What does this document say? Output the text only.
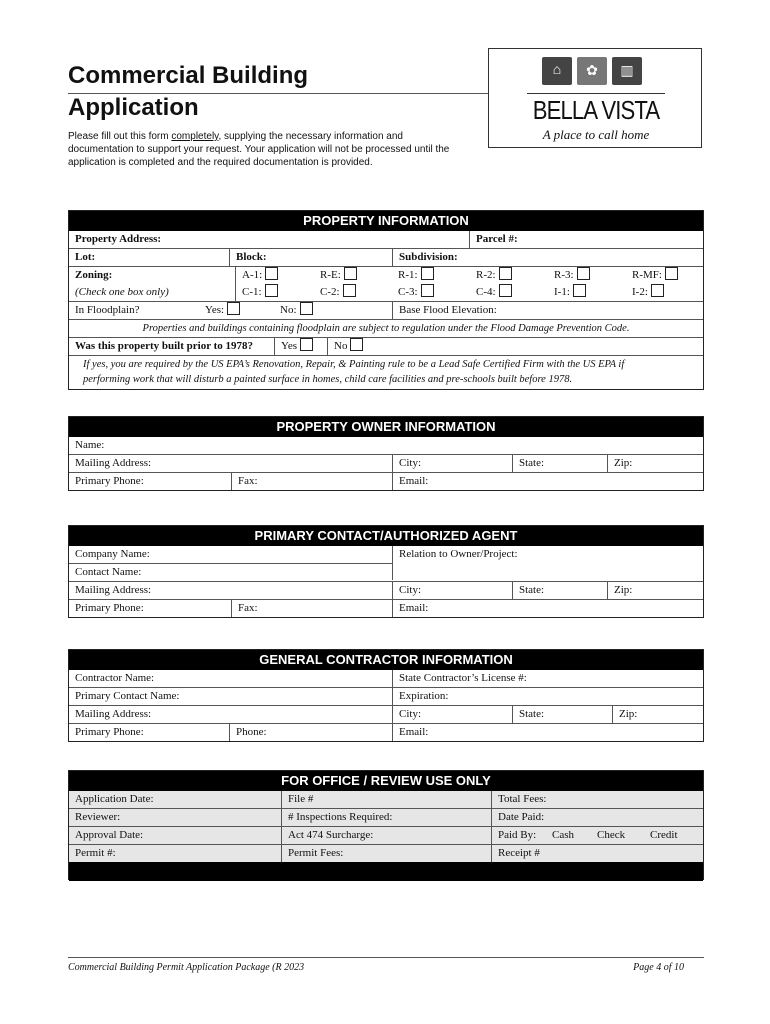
Commercial Building
Application
Please fill out this form completely, supplying the necessary information and documentation to support your request. Your application will not be processed until the application is completed and the required documentation is provided.
⌂	✿	▥
BELLA VISTA
A place to call home
PROPERTY INFORMATION
Property Address:	Parcel #:
Lot:	Block:	Subdivision:
Zoning:
(Check one box only)
A-1:	R-E:	R-1:	R-2:	R-3:	R-MF:
C-1:	C-2:	C-3:	C-4:	I-1:	I-2:
In Floodplain?	Yes:	No:	Base Flood Elevation:
Properties and buildings containing floodplain are subject to regulation under the Flood Damage Prevention Code.
Was this property built prior to 1978?	Yes	No
If yes, you are required by the US EPA’s Renovation, Repair, & Painting rule to be a Lead Safe Certified Firm with the US EPA if
performing work that will disturb a painted surface in homes, child care facilities and pre-schools built before 1978.
PROPERTY OWNER INFORMATION
Name:
Mailing Address:	City:	State:	Zip:
Primary Phone:	Fax:	Email:
PRIMARY CONTACT/AUTHORIZED AGENT
Company Name:	Relation to Owner/Project:
Contact Name:
Mailing Address:	City:	State:	Zip:
Primary Phone:	Fax:	Email:
GENERAL CONTRACTOR INFORMATION
Contractor Name:	State Contractor’s License #:
Primary Contact Name:	Expiration:
Mailing Address:	City:	State:	Zip:
Primary Phone:	Phone:	Email:
FOR OFFICE / REVIEW USE ONLY
Application Date:	File #	Total Fees:
Reviewer:	# Inspections Required:	Date Paid:
Approval Date:	Act 474 Surcharge:	Paid By: Cash Check Credit
Permit #:	Permit Fees:	Receipt #
Commercial Building Permit Application Package (R 2023	Page 4 of 10
